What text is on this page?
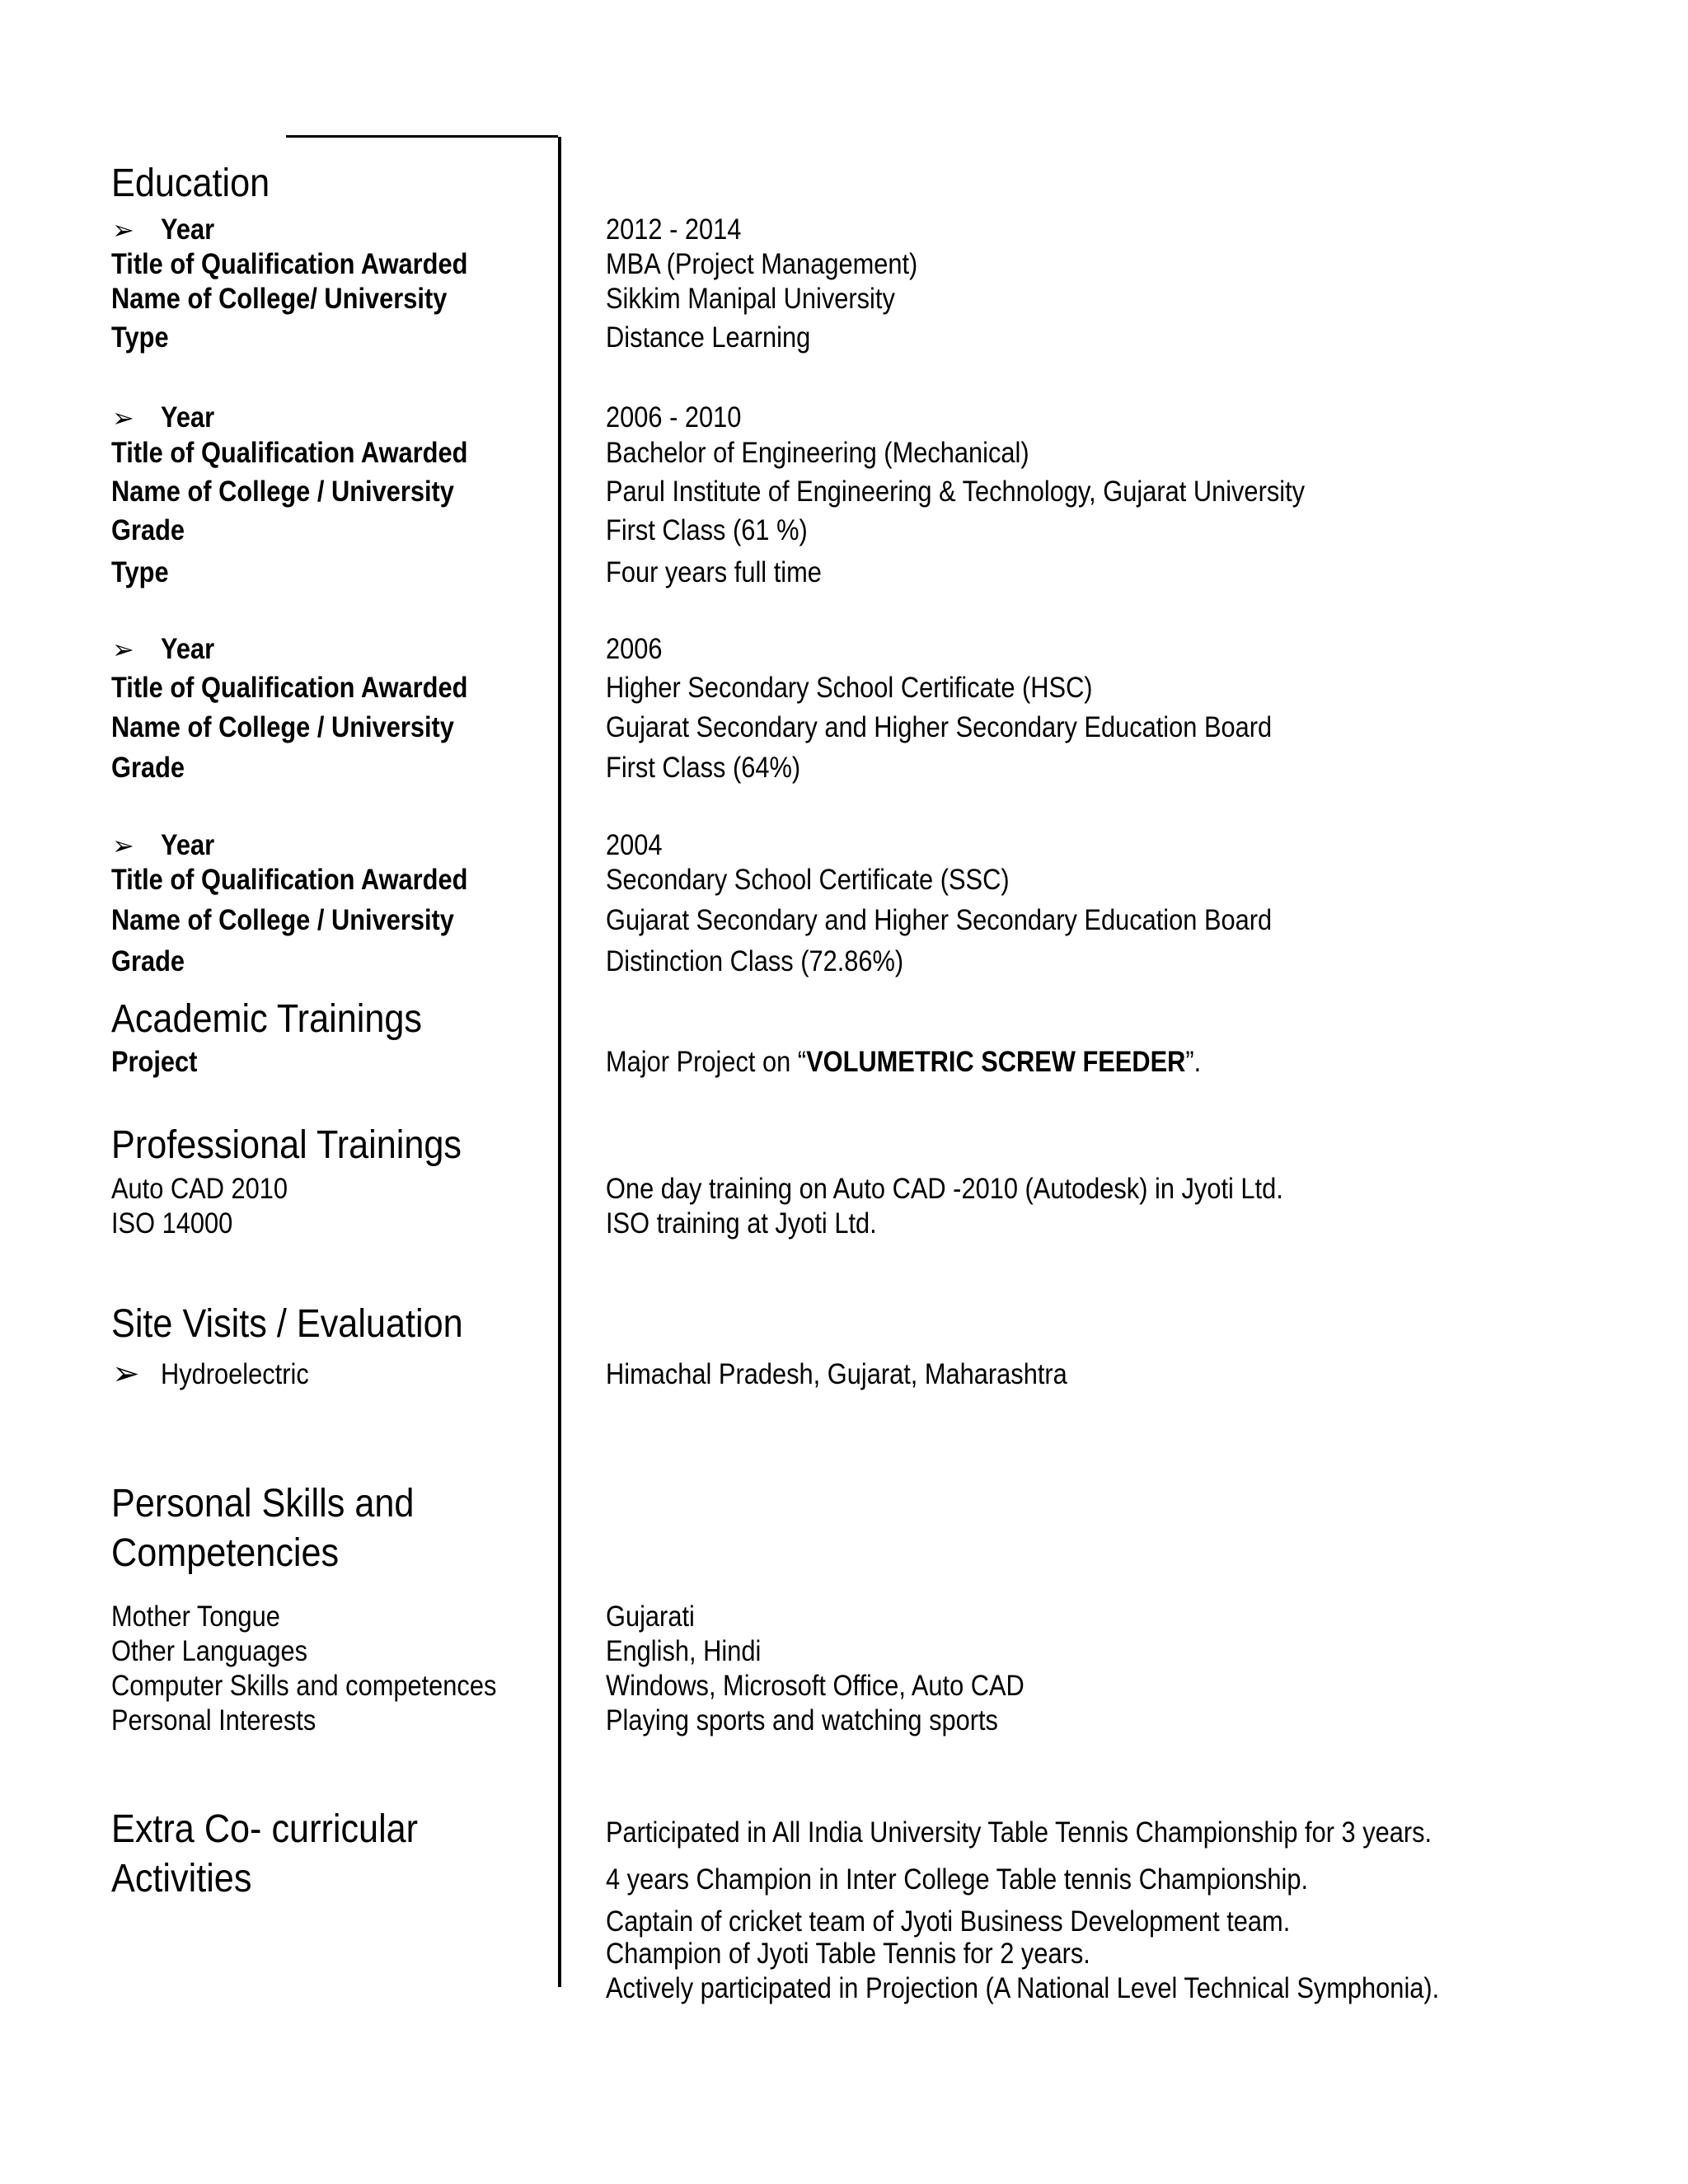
Education
➢ Year	2012 - 2014
Title of Qualification Awarded	MBA (Project Management)
Name of College/ University	Sikkim Manipal University
Type	Distance Learning
➢ Year	2006 - 2010
Title of Qualification Awarded	Bachelor of Engineering (Mechanical)
Name of College / University	Parul Institute of Engineering & Technology, Gujarat University
Grade	First Class (61 %)
Type	Four years full time
➢ Year	2006
Title of Qualification Awarded	Higher Secondary School Certificate (HSC)
Name of College / University	Gujarat Secondary and Higher Secondary Education Board
Grade	First Class (64%)
➢ Year	2004
Title of Qualification Awarded	Secondary School Certificate (SSC)
Name of College / University	Gujarat Secondary and Higher Secondary Education Board
Grade	Distinction Class (72.86%)
Academic Trainings
Project	Major Project on “VOLUMETRIC SCREW FEEDER”.
Professional Trainings
Auto CAD 2010	One day training on Auto CAD -2010 (Autodesk) in Jyoti Ltd.
ISO 14000	ISO training at Jyoti Ltd.
Site Visits / Evaluation
➢ Hydroelectric	Himachal Pradesh, Gujarat, Maharashtra
Personal Skills and
Competencies
Mother Tongue	Gujarati
Other Languages	English, Hindi
Computer Skills and competences	Windows, Microsoft Office, Auto CAD
Personal Interests	Playing sports and watching sports
Extra Co- curricular
Activities
Participated in All India University Table Tennis Championship for 3 years.
4 years Champion in Inter College Table tennis Championship.
Captain of cricket team of Jyoti Business Development team.
Champion of Jyoti Table Tennis for 2 years.
Actively participated in Projection (A National Level Technical Symphonia).
